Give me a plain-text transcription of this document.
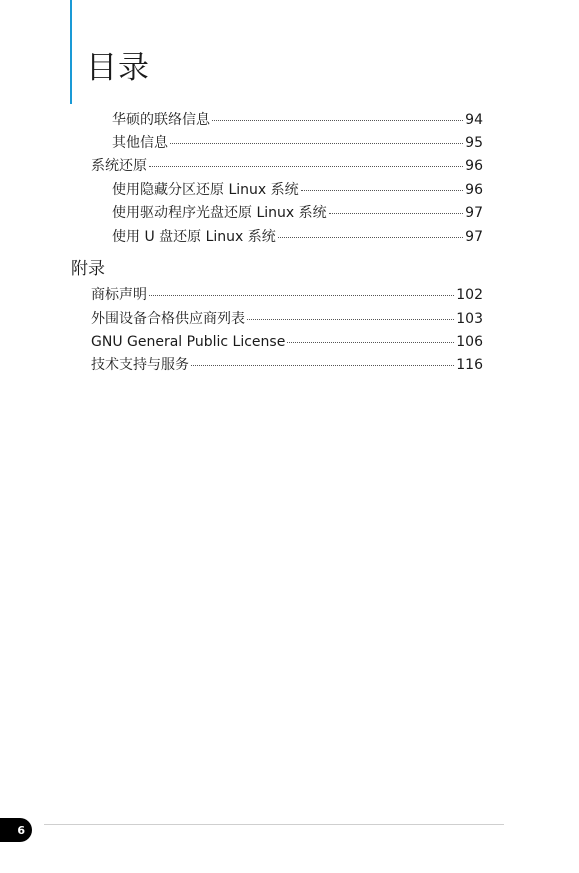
目录
华硕的联络信息	94
其他信息	95
系统还原	96
使用隐藏分区还原 Linux 系统	96
使用驱动程序光盘还原 Linux 系统	97
使用 U 盘还原 Linux 系统	97
附录
商标声明	102
外围设备合格供应商列表	103
GNU General Public License	106
技术支持与服务	116
6
